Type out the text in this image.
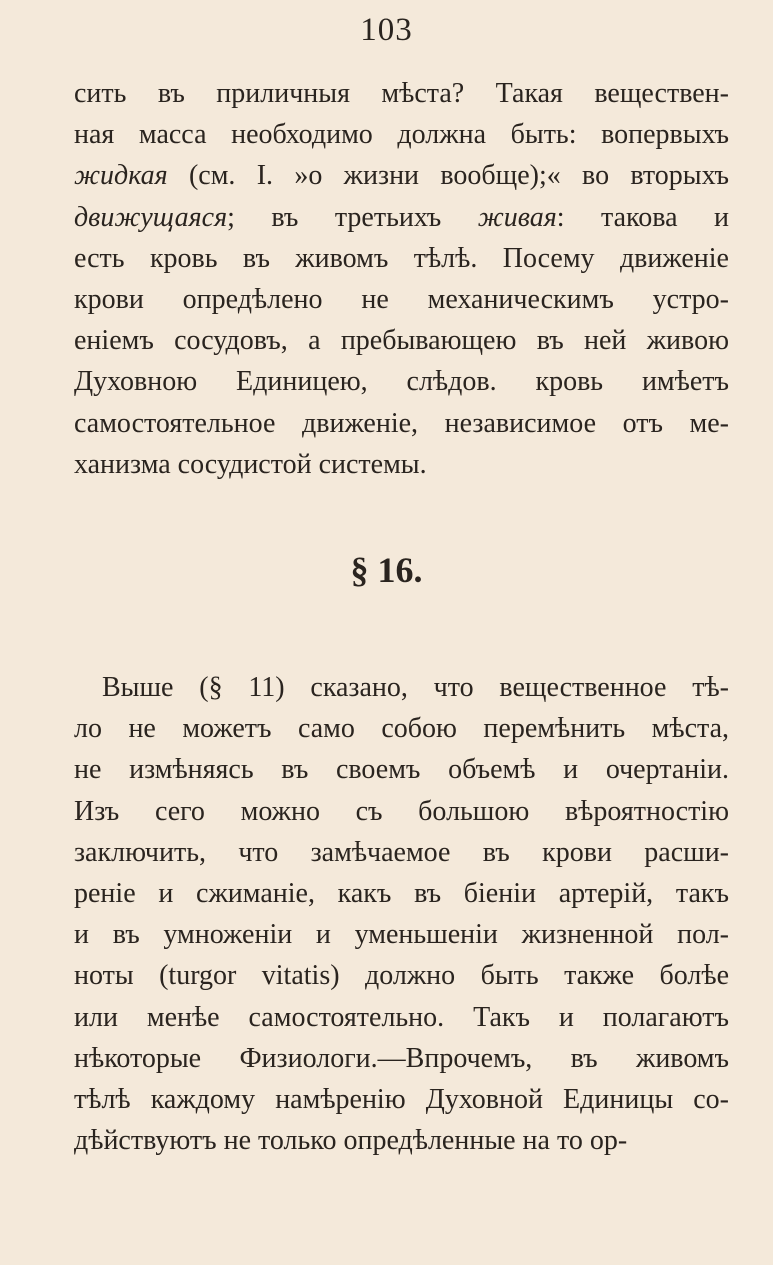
103
сить въ приличныя мѣста? Такая веществен-
ная масса необходимо должна быть: вопервыхъ
жидкая (см. I. »о жизни вообще);« во вторыхъ
движущаяся; въ третьихъ живая: такова и
есть кровь въ живомъ тѣлѣ. Посему движеніе
крови опредѣлено не механическимъ устро-
еніемъ сосудовъ, а пребывающею въ ней живою
Духовною Единицею, слѣдов. кровь имѣетъ
самостоятельное движеніе, независимое отъ ме-
ханизма сосудистой системы.
§ 16.
Выше (§ 11) сказано, что вещественное тѣ-
ло не можетъ само собою перемѣнить мѣста,
не измѣняясь въ своемъ объемѣ и очертаніи.
Изъ сего можно съ большою вѣроятностію
заключить, что замѣчаемое въ крови расши-
реніе и сжиманіе, какъ въ біеніи артерій, такъ
и въ умноженіи и уменьшеніи жизненной пол-
ноты (turgor vitatis) должно быть также болѣе
или менѣе самостоятельно. Такъ и полагаютъ
нѣкоторые Физиологи.—Впрочемъ, въ живомъ
тѣлѣ каждому намѣренію Духовной Единицы со-
дѣйствуютъ не только опредѣленные на то ор-
